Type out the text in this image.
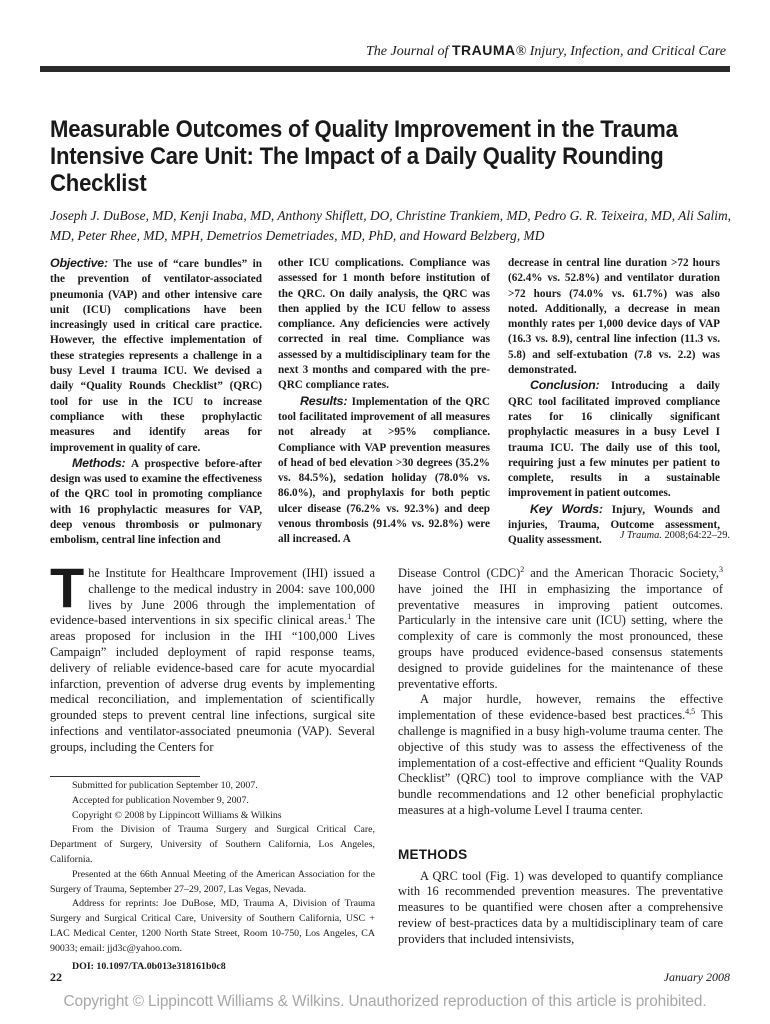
The Journal of TRAUMA® Injury, Infection, and Critical Care
Measurable Outcomes of Quality Improvement in the Trauma Intensive Care Unit: The Impact of a Daily Quality Rounding Checklist

Joseph J. DuBose, MD, Kenji Inaba, MD, Anthony Shiflett, DO, Christine Trankiem, MD, Pedro G. R. Teixeira, MD, Ali Salim, MD, Peter Rhee, MD, MPH, Demetrios Demetriades, MD, PhD, and Howard Belzberg, MD

Objective: The use of “care bundles” in the prevention of ventilator-associated pneumonia (VAP) and other intensive care unit (ICU) complications have been increasingly used in critical care practice. However, the effective implementation of these strategies represents a challenge in a busy Level I trauma ICU. We devised a daily “Quality Rounds Checklist” (QRC) tool for use in the ICU to increase compliance with these prophylactic measures and identify areas for improvement in quality of care.

Methods: A prospective before-after design was used to examine the effectiveness of the QRC tool in promoting compliance with 16 prophylactic measures for VAP, deep venous thrombosis or pulmonary embolism, central line infection and

other ICU complications. Compliance was assessed for 1 month before institution of the QRC. On daily analysis, the QRC was then applied by the ICU fellow to assess compliance. Any deficiencies were actively corrected in real time. Compliance was assessed by a multidisciplinary team for the next 3 months and compared with the pre-QRC compliance rates.

Results: Implementation of the QRC tool facilitated improvement of all measures not already at >95% compliance. Compliance with VAP prevention measures of head of bed elevation >30 degrees (35.2% vs. 84.5%), sedation holiday (78.0% vs. 86.0%), and prophylaxis for both peptic ulcer disease (76.2% vs. 92.3%) and deep venous thrombosis (91.4% vs. 92.8%) were all increased. A

decrease in central line duration >72 hours (62.4% vs. 52.8%) and ventilator duration >72 hours (74.0% vs. 61.7%) was also noted. Additionally, a decrease in mean monthly rates per 1,000 device days of VAP (16.3 vs. 8.9), central line infection (11.3 vs. 5.8) and self-extubation (7.8 vs. 2.2) was demonstrated.

Conclusion: Introducing a daily QRC tool facilitated improved compliance rates for 16 clinically significant prophylactic measures in a busy Level I trauma ICU. The daily use of this tool, requiring just a few minutes per patient to complete, results in a sustainable improvement in patient outcomes.

Key Words: Injury, Wounds and injuries, Trauma, Outcome assessment, Quality assessment.	J Trauma. 2008;64:22–29.

The Institute for Healthcare Improvement (IHI) issued a challenge to the medical industry in 2004: save 100,000 lives by June 2006 through the implementation of evidence-based interventions in six specific clinical areas.$^1$ The areas proposed for inclusion in the IHI “100,000 Lives Campaign” included deployment of rapid response teams, delivery of reliable evidence-based care for acute myocardial infarction, prevention of adverse drug events by implementing medical reconciliation, and implementation of scientifically grounded steps to prevent central line infections, surgical site infections and ventilator-associated pneumonia (VAP). Several groups, including the Centers for

Disease Control (CDC)$^2$ and the American Thoracic Society,$^3$ have joined the IHI in emphasizing the importance of preventative measures in improving patient outcomes. Particularly in the intensive care unit (ICU) setting, where the complexity of care is commonly the most pronounced, these groups have produced evidence-based consensus statements designed to provide guidelines for the maintenance of these preventative efforts.

A major hurdle, however, remains the effective implementation of these evidence-based best practices.$^{4,5}$ This challenge is magnified in a busy high-volume trauma center. The objective of this study was to assess the effectiveness of the implementation of a cost-effective and efficient “Quality Rounds Checklist” (QRC) tool to improve compliance with the VAP bundle recommendations and 12 other beneficial prophylactic measures at a high-volume Level I trauma center.

METHODS

A QRC tool (Fig. 1) was developed to quantify compliance with 16 recommended prevention measures. The preventative measures to be quantified were chosen after a comprehensive review of best-practices data by a multidisciplinary team of care providers that included intensivists,

Submitted for publication September 10, 2007.

Accepted for publication November 9, 2007.

Copyright © 2008 by Lippincott Williams & Wilkins

From the Division of Trauma Surgery and Surgical Critical Care, Department of Surgery, University of Southern California, Los Angeles, California.

Presented at the 66th Annual Meeting of the American Association for the Surgery of Trauma, September 27–29, 2007, Las Vegas, Nevada.

Address for reprints: Joe DuBose, MD, Trauma A, Division of Trauma Surgery and Surgical Critical Care, University of Southern California, USC + LAC Medical Center, 1200 North State Street, Room 10-750, Los Angeles, CA 90033; email: jjd3c@yahoo.com.

DOI: 10.1097/TA.0b013e318161b0c8

22	January 2008
Copyright © Lippincott Williams & Wilkins. Unauthorized reproduction of this article is prohibited.
